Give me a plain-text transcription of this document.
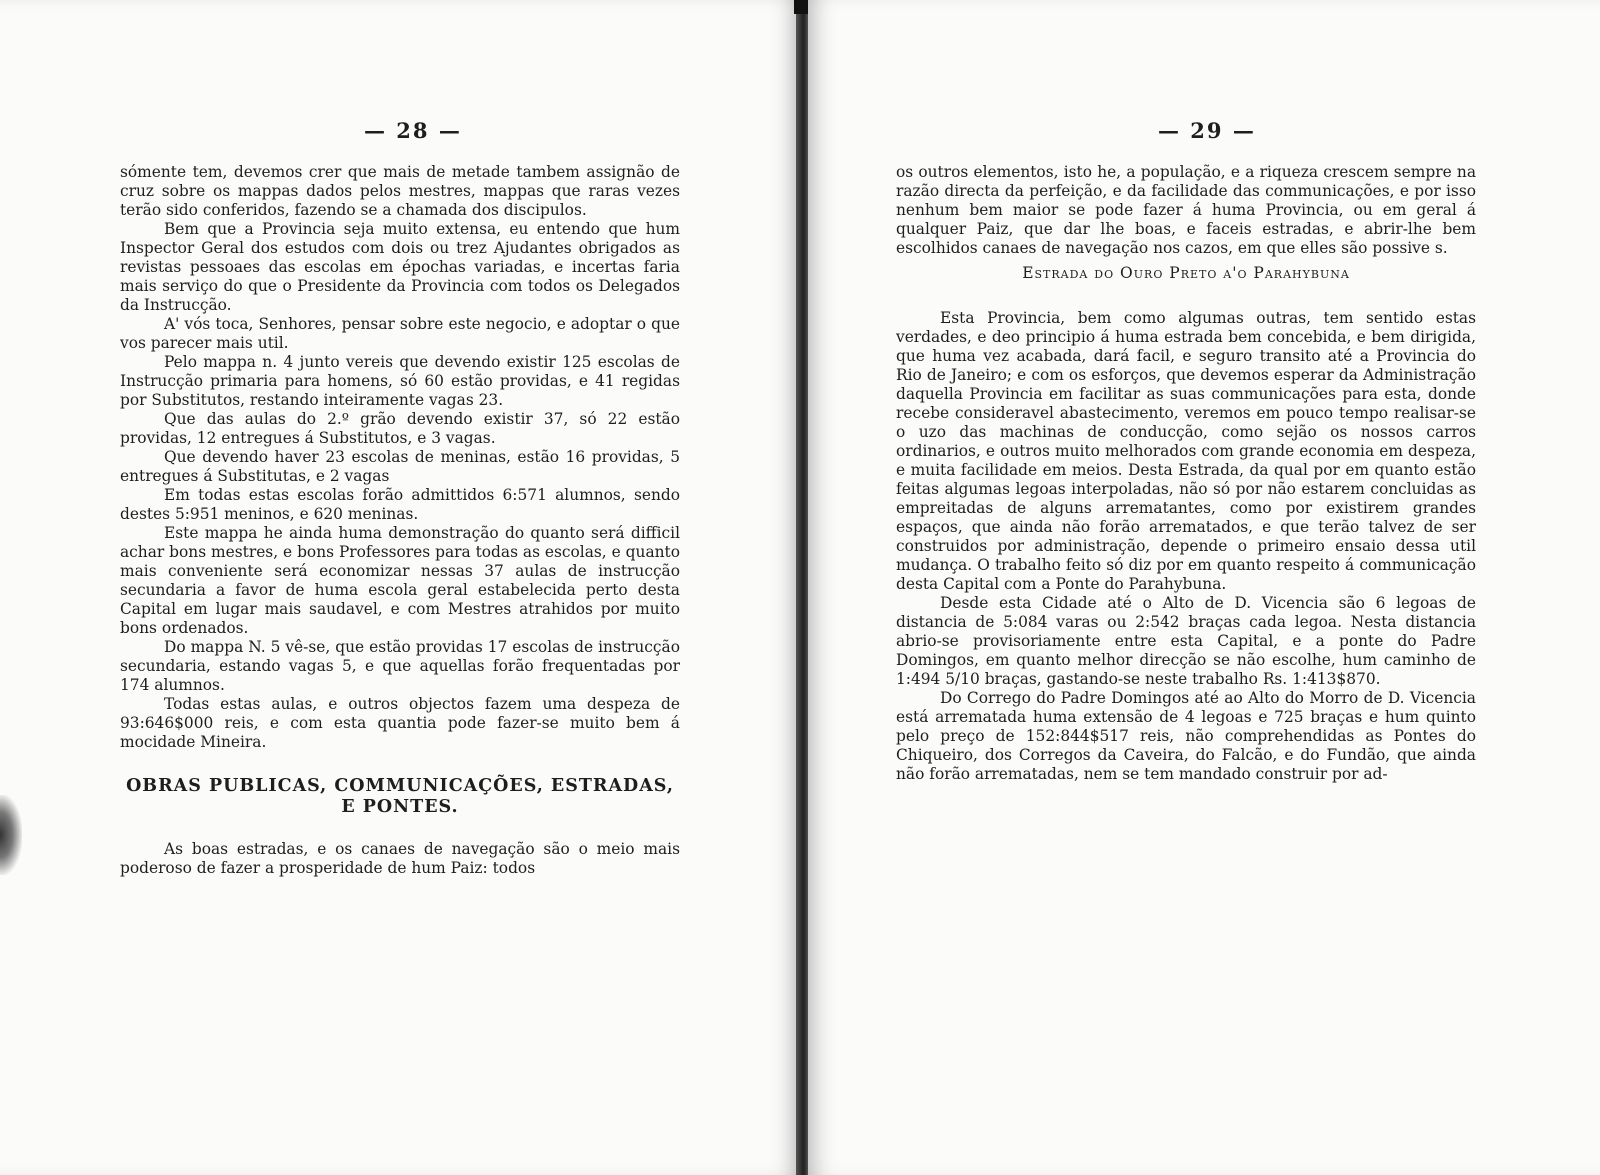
— 28 —

sómente tem, devemos crer que mais de metade tambem assignão de cruz sobre os mappas dados pelos mestres, mappas que raras vezes terão sido conferidos, fazendo se a chamada dos discipulos.

Bem que a Provincia seja muito extensa, eu entendo que hum Inspector Geral dos estudos com dois ou trez Ajudantes obrigados as revistas pessoaes das escolas em épochas variadas, e incertas faria mais serviço do que o Presidente da Provincia com todos os Delegados da Instrucção.

A' vós toca, Senhores, pensar sobre este negocio, e adoptar o que vos parecer mais util.

Pelo mappa n. 4 junto vereis que devendo existir 125 escolas de Instrucção primaria para homens, só 60 estão providas, e 41 regidas por Substitutos, restando inteiramente vagas 23.

Que das aulas do 2.º grão devendo existir 37, só 22 estão providas, 12 entregues á Substitutos, e 3 vagas.

Que devendo haver 23 escolas de meninas, estão 16 providas, 5 entregues á Substitutas, e 2 vagas

Em todas estas escolas forão admittidos 6:571 alumnos, sendo destes 5:951 meninos, e 620 meninas.

Este mappa he ainda huma demonstração do quanto será difficil achar bons mestres, e bons Professores para todas as escolas, e quanto mais conveniente será economizar nessas 37 aulas de instrucção secundaria a favor de huma escola geral estabelecida perto desta Capital em lugar mais saudavel, e com Mestres atrahidos por muito bons ordenados.

Do mappa N. 5 vê-se, que estão providas 17 escolas de instrucção secundaria, estando vagas 5, e que aquellas forão frequentadas por 174 alumnos.

Todas estas aulas, e outros objectos fazem uma despeza de 93:646$000 reis, e com esta quantia pode fazer-se muito bem á mocidade Mineira.

OBRAS PUBLICAS, COMMUNICAÇÕES, ESTRADAS, E PONTES.

As boas estradas, e os canaes de navegação são o meio mais poderoso de fazer a prosperidade de hum Paiz: todos

— 29 —

os outros elementos, isto he, a população, e a riqueza crescem sempre na razão directa da perfeição, e da facilidade das communicações, e por isso nenhum bem maior se pode fazer á huma Provincia, ou em geral á qualquer Paiz, que dar lhe boas, e faceis estradas, e abrir-lhe bem escolhidos canaes de navegação nos cazos, em que elles são possive s.

Estrada do Ouro Preto a'o Parahybuna

Esta Provincia, bem como algumas outras, tem sentido estas verdades, e deo principio á huma estrada bem concebida, e bem dirigida, que huma vez acabada, dará facil, e seguro transito até a Provincia do Rio de Janeiro; e com os esforços, que devemos esperar da Administração daquella Provincia em facilitar as suas communicações para esta, donde recebe consideravel abastecimento, veremos em pouco tempo realisar-se o uzo das machinas de conducção, como sejão os nossos carros ordinarios, e outros muito melhorados com grande economia em despeza, e muita facilidade em meios. Desta Estrada, da qual por em quanto estão feitas algumas legoas interpoladas, não só por não estarem concluidas as empreitadas de alguns arrematantes, como por existirem grandes espaços, que ainda não forão arrematados, e que terão talvez de ser construidos por administração, depende o primeiro ensaio dessa util mudança. O trabalho feito só diz por em quanto respeito á communicação desta Capital com a Ponte do Parahybuna.

Desde esta Cidade até o Alto de D. Vicencia são 6 legoas de distancia de 5:084 varas ou 2:542 braças cada legoa. Nesta distancia abrio-se provisoriamente entre esta Capital, e a ponte do Padre Domingos, em quanto melhor direcção se não escolhe, hum caminho de 1:494 5/10 braças, gastando-se neste trabalho Rs. 1:413$870.

Do Corrego do Padre Domingos até ao Alto do Morro de D. Vicencia está arrematada huma extensão de 4 legoas e 725 braças e hum quinto pelo preço de 152:844$517 reis, não comprehendidas as Pontes do Chiqueiro, dos Corregos da Caveira, do Falcão, e do Fundão, que ainda não forão arrematadas, nem se tem mandado construir por ad-
